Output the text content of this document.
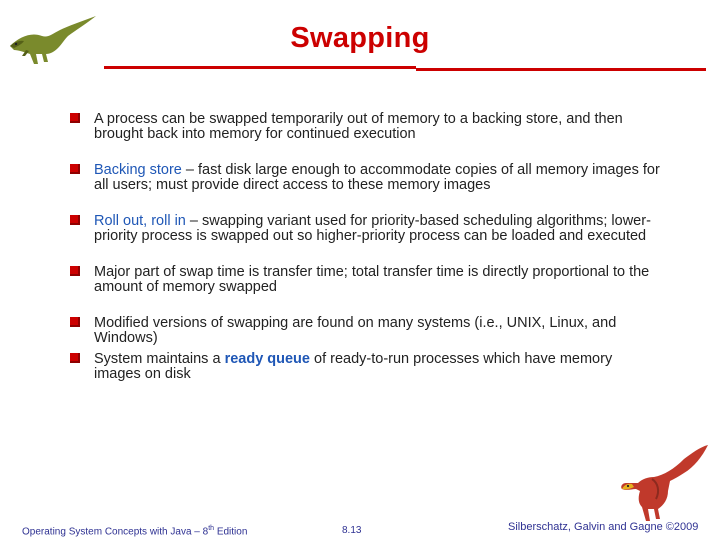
Swapping
A process can be swapped temporarily out of memory to a backing store, and then brought back into memory for continued execution
Backing store – fast disk large enough to accommodate copies of all memory images for all users; must provide direct access to these memory images
Roll out, roll in – swapping variant used for priority-based scheduling algorithms; lower-priority process is swapped out so higher-priority process can be loaded and executed
Major part of swap time is transfer time; total transfer time is directly proportional to the amount of memory swapped
Modified versions of swapping are found on many systems (i.e., UNIX, Linux, and Windows)
System maintains a ready queue of ready-to-run processes which have memory images on disk
Operating System Concepts with Java – 8th Edition	8.13	Silberschatz, Galvin and Gagne ©2009
